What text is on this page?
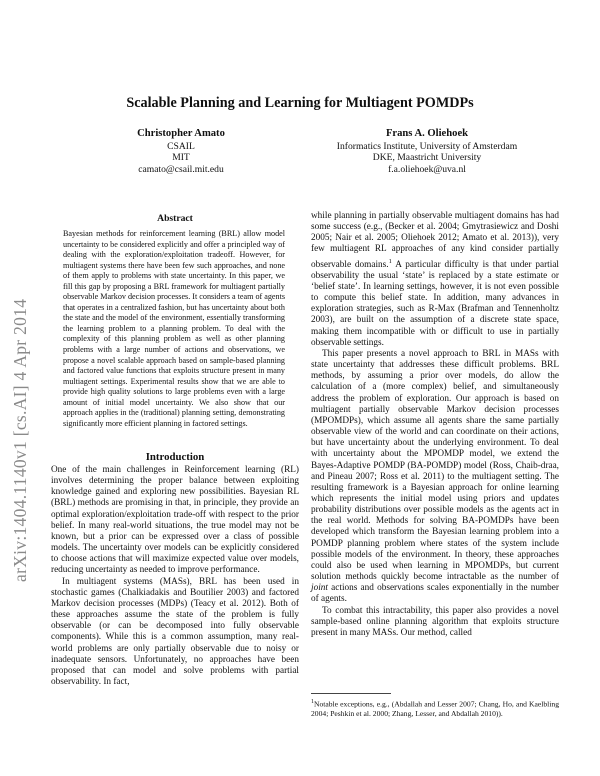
arXiv:1404.1140v1 [cs.AI] 4 Apr 2014
Scalable Planning and Learning for Multiagent POMDPs
Christopher Amato
CSAIL
MIT
camato@csail.mit.edu
Frans A. Oliehoek
Informatics Institute, University of Amsterdam
DKE, Maastricht University
f.a.oliehoek@uva.nl
Abstract
Bayesian methods for reinforcement learning (BRL) allow model uncertainty to be considered explicitly and offer a principled way of dealing with the exploration/exploitation tradeoff. However, for multiagent systems there have been few such approaches, and none of them apply to problems with state uncertainty. In this paper, we fill this gap by proposing a BRL framework for multiagent partially observable Markov decision processes. It considers a team of agents that operates in a centralized fashion, but has uncertainty about both the state and the model of the environment, essentially transforming the learning problem to a planning problem. To deal with the complexity of this planning problem as well as other planning problems with a large number of actions and observations, we propose a novel scalable approach based on sample-based planning and factored value functions that exploits structure present in many multiagent settings. Experimental results show that we are able to provide high quality solutions to large problems even with a large amount of initial model uncertainty. We also show that our approach applies in the (traditional) planning setting, demonstrating significantly more efficient planning in factored settings.
Introduction

One of the main challenges in Reinforcement learning (RL) involves determining the proper balance between exploiting knowledge gained and exploring new possibilities. Bayesian RL (BRL) methods are promising in that, in principle, they provide an optimal exploration/exploitation trade-off with respect to the prior belief. In many real-world situations, the true model may not be known, but a prior can be expressed over a class of possible models. The uncertainty over models can be explicitly considered to choose actions that will maximize expected value over models, reducing uncertainty as needed to improve performance.

In multiagent systems (MASs), BRL has been used in stochastic games (Chalkiadakis and Boutilier 2003) and factored Markov decision processes (MDPs) (Teacy et al. 2012). Both of these approaches assume the state of the problem is fully observable (or can be decomposed into fully observable components). While this is a common assumption, many real-world problems are only partially observable due to noisy or inadequate sensors. Unfortunately, no approaches have been proposed that can model and solve problems with partial observability. In fact,

while planning in partially observable multiagent domains has had some success (e.g., (Becker et al. 2004; Gmytrasiewicz and Doshi 2005; Nair et al. 2005; Oliehoek 2012; Amato et al. 2013)), very few multiagent RL approaches of any kind consider partially observable domains.$^1$ A particular difficulty is that under partial observability the usual ‘state’ is replaced by a state estimate or ‘belief state’. In learning settings, however, it is not even possible to compute this belief state. In addition, many advances in exploration strategies, such as R-Max (Brafman and Tennenholtz 2003), are built on the assumption of a discrete state space, making them incompatible with or difficult to use in partially observable settings.

This paper presents a novel approach to BRL in MASs with state uncertainty that addresses these difficult problems. BRL methods, by assuming a prior over models, do allow the calculation of a (more complex) belief, and simultaneously address the problem of exploration. Our approach is based on multiagent partially observable Markov decision processes (MPOMDPs), which assume all agents share the same partially observable view of the world and can coordinate on their actions, but have uncertainty about the underlying environment. To deal with uncertainty about the MPOMDP model, we extend the Bayes-Adaptive POMDP (BA-POMDP) model (Ross, Chaib-draa, and Pineau 2007; Ross et al. 2011) to the multiagent setting. The resulting framework is a Bayesian approach for online learning which represents the initial model using priors and updates probability distributions over possible models as the agents act in the real world. Methods for solving BA-POMDPs have been developed which transform the Bayesian learning problem into a POMDP planning problem where states of the system include possible models of the environment. In theory, these approaches could also be used when learning in MPOMDPs, but current solution methods quickly become intractable as the number of joint actions and observations scales exponentially in the number of agents.

To combat this intractability, this paper also provides a novel sample-based online planning algorithm that exploits structure present in many MASs. Our method, called

$^1$Notable exceptions, e.g., (Abdallah and Lesser 2007; Chang, Ho, and Kaelbling 2004; Peshkin et al. 2000; Zhang, Lesser, and Abdallah 2010)).
